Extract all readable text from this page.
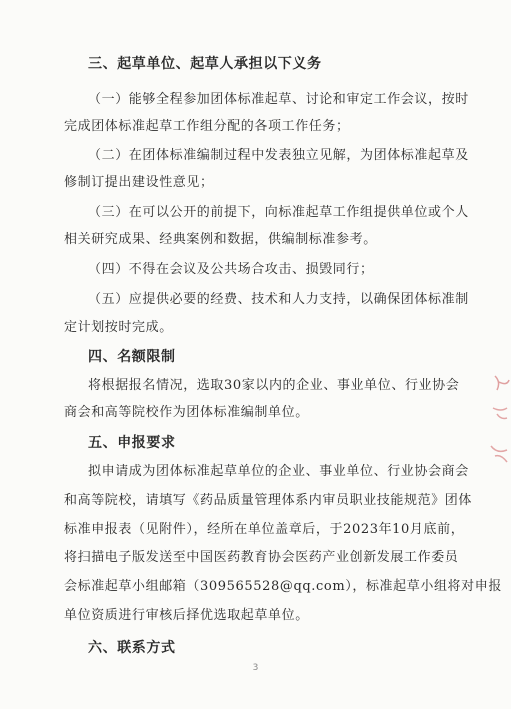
三、起草单位、起草人承担以下义务
（一）能够全程参加团体标准起草、讨论和审定工作会议，按时
完成团体标准起草工作组分配的各项工作任务；
（二）在团体标准编制过程中发表独立见解，为团体标准起草及
修制订提出建设性意见；
（三）在可以公开的前提下，向标准起草工作组提供单位或个人
相关研究成果、经典案例和数据，供编制标准参考。
（四）不得在会议及公共场合攻击、损毁同行；
（五）应提供必要的经费、技术和人力支持，以确保团体标准制
定计划按时完成。
四、名额限制
将根据报名情况，选取30家以内的企业、事业单位、行业协会
商会和高等院校作为团体标准编制单位。
五、申报要求
拟申请成为团体标准起草单位的企业、事业单位、行业协会商会
和高等院校，请填写《药品质量管理体系内审员职业技能规范》团体
标准申报表（见附件），经所在单位盖章后，于2023年10月底前，
将扫描电子版发送至中国医药教育协会医药产业创新发展工作委员
会标准起草小组邮箱（309565528@qq.com），标准起草小组将对申报
单位资质进行审核后择优选取起草单位。
六、联系方式
3
